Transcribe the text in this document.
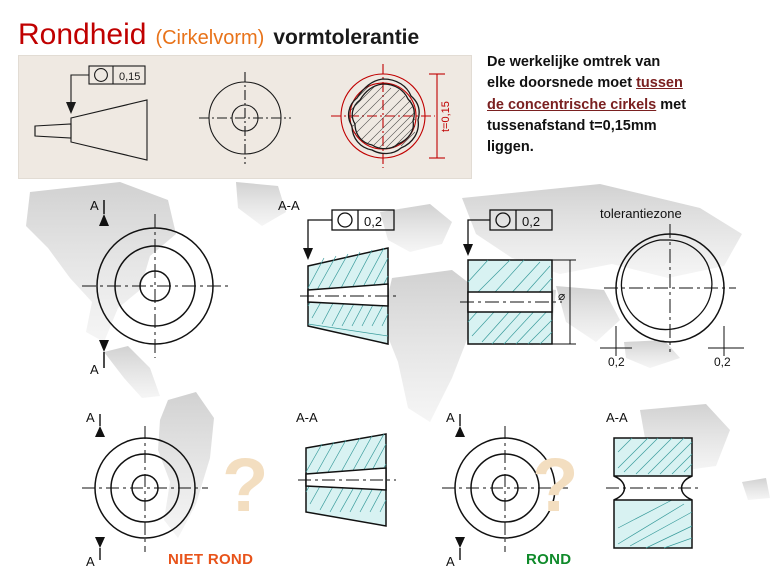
Rondheid (Cirkelvorm) vormtolerantie
0,15
t=0,15
De werkelijke omtrek van
elke doorsnede moet tussen
de concentrische cirkels met
tussenafstand t=0,15mm
liggen.
A
A
0,2
A-A
0,2
⌀
tolerantiezone
0,2	0,2
A
A
?
A-A
NIET ROND
A
A
?
A-A
ROND
